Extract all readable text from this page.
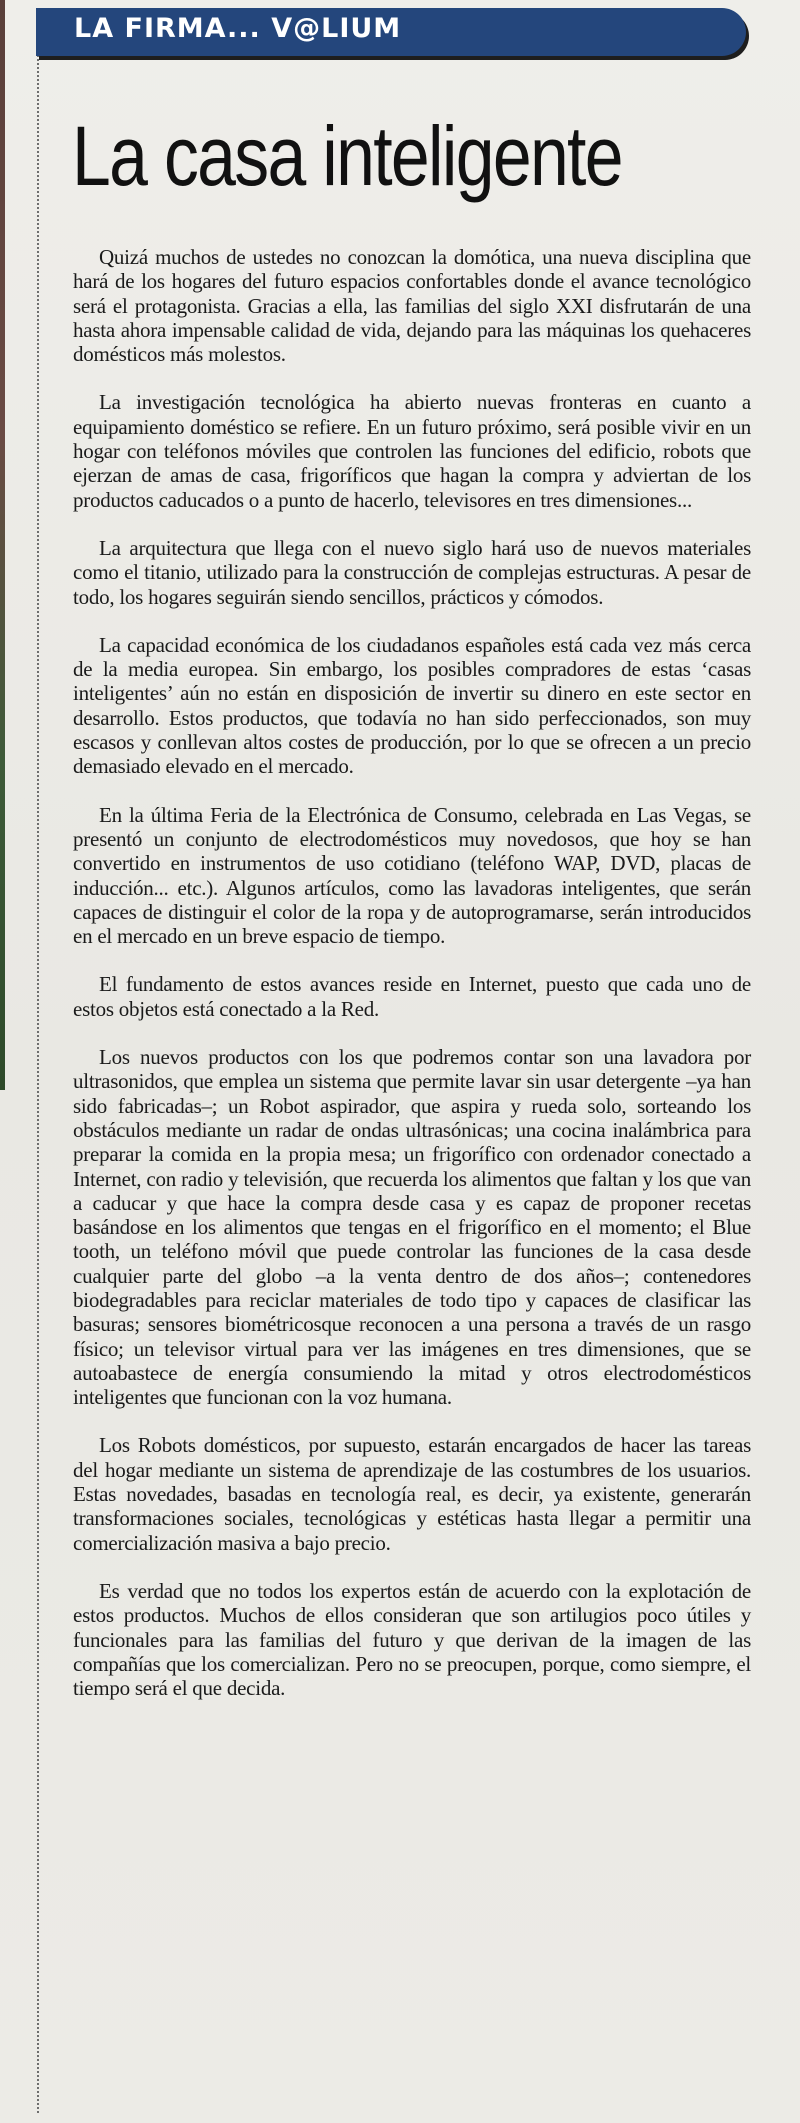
LA FIRMA... V@LIUM
La casa inteligente

Quizá muchos de ustedes no conozcan la domótica, una nueva disciplina que hará de los hogares del futuro espacios confortables donde el avance tecnológico será el protagonista. Gracias a ella, las familias del siglo XXI disfrutarán de una hasta ahora impensable calidad de vida, dejando para las máquinas los quehaceres domésticos más molestos.

La investigación tecnológica ha abierto nuevas fronteras en cuanto a equipamiento doméstico se refiere. En un futuro próximo, será posible vivir en un hogar con teléfonos móviles que controlen las funciones del edificio, robots que ejerzan de amas de casa, frigoríficos que hagan la compra y adviertan de los productos caducados o a punto de hacerlo, televisores en tres dimensiones...

La arquitectura que llega con el nuevo siglo hará uso de nuevos materiales como el titanio, utilizado para la construcción de complejas estructuras. A pesar de todo, los hogares seguirán siendo sencillos, prácticos y cómodos.

La capacidad económica de los ciudadanos españoles está cada vez más cerca de la media europea. Sin embargo, los posibles compradores de estas ‘casas inteligentes’ aún no están en disposición de invertir su dinero en este sector en desarrollo. Estos productos, que todavía no han sido perfeccionados, son muy escasos y conllevan altos costes de producción, por lo que se ofrecen a un precio demasiado elevado en el mercado.

En la última Feria de la Electrónica de Consumo, celebrada en Las Vegas, se presentó un conjunto de electrodomésticos muy novedosos, que hoy se han convertido en instrumentos de uso cotidiano (teléfono WAP, DVD, placas de inducción... etc.). Algunos artículos, como las lavadoras inteligentes, que serán capaces de distinguir el color de la ropa y de autoprogramarse, serán introducidos en el mercado en un breve espacio de tiempo.

El fundamento de estos avances reside en Internet, puesto que cada uno de estos objetos está conectado a la Red.

Los nuevos productos con los que podremos contar son una lavadora por ultrasonidos, que emplea un sistema que permite lavar sin usar detergente –ya han sido fabricadas–; un Robot aspirador, que aspira y rueda solo, sorteando los obstáculos mediante un radar de ondas ultrasónicas; una cocina inalámbrica para preparar la comida en la propia mesa; un frigorífico con ordenador conectado a Internet, con radio y televisión, que recuerda los alimentos que faltan y los que van a caducar y que hace la compra desde casa y es capaz de proponer recetas basándose en los alimentos que tengas en el frigorífico en el momento; el Blue tooth, un teléfono móvil que puede controlar las funciones de la casa desde cualquier parte del globo –a la venta dentro de dos años–; contenedores biodegradables para reciclar materiales de todo tipo y capaces de clasificar las basuras; sensores biométricosque reconocen a una persona a través de un rasgo físico; un televisor virtual para ver las imágenes en tres dimensiones, que se autoabastece de energía consumiendo la mitad y otros electrodomésticos inteligentes que funcionan con la voz humana.

Los Robots domésticos, por supuesto, estarán encargados de hacer las tareas del hogar mediante un sistema de aprendizaje de las costumbres de los usuarios. Estas novedades, basadas en tecnología real, es decir, ya existente, generarán transformaciones sociales, tecnológicas y estéticas hasta llegar a permitir una comercialización masiva a bajo precio.

Es verdad que no todos los expertos están de acuerdo con la explotación de estos productos. Muchos de ellos consideran que son artilugios poco útiles y funcionales para las familias del futuro y que derivan de la imagen de las compañías que los comercializan. Pero no se preocupen, porque, como siempre, el tiempo será el que decida.
